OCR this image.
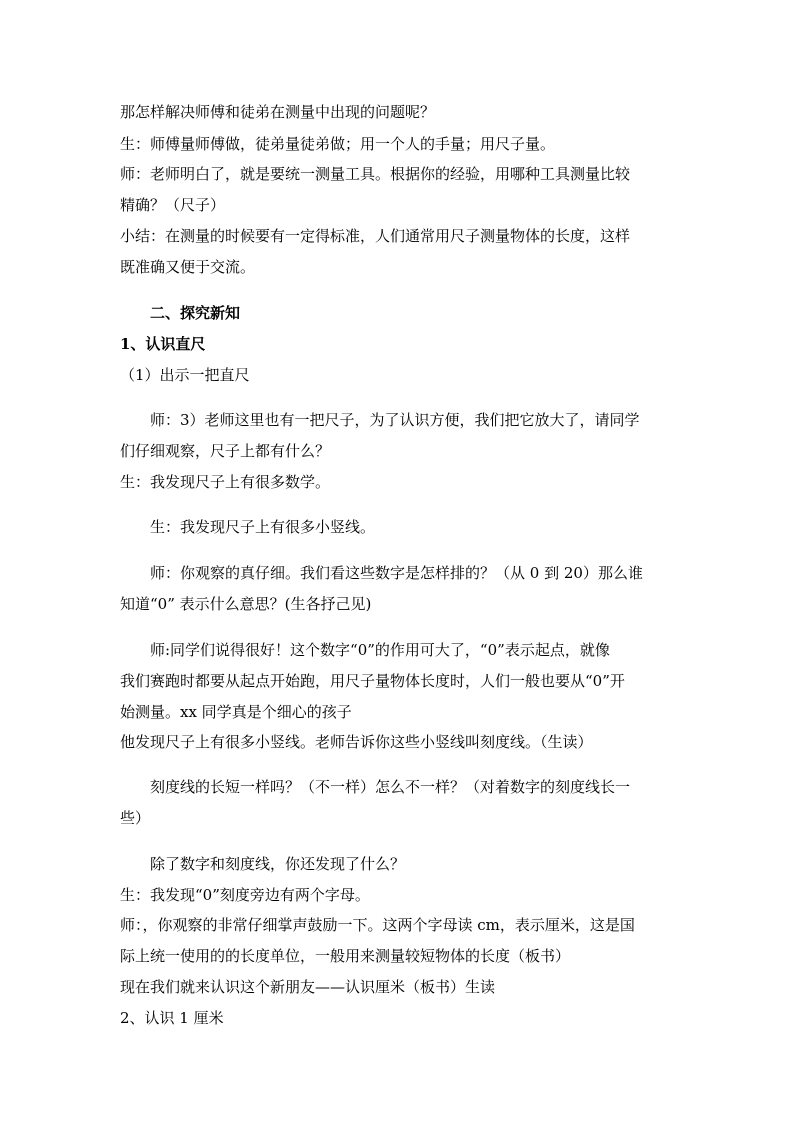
那怎样解决师傅和徒弟在测量中出现的问题呢？
生：师傅量师傅做，徒弟量徒弟做；用一个人的手量；用尺子量。
师：老师明白了，就是要统一测量工具。根据你的经验，用哪种工具测量比较
精确？（尺子）
小结：在测量的时候要有一定得标准，人们通常用尺子测量物体的长度，这样
既准确又便于交流。
二、探究新知
1、认识直尺
（1）出示一把直尺
师：3）老师这里也有一把尺子，为了认识方便，我们把它放大了，请同学
们仔细观察，尺子上都有什么？
生：我发现尺子上有很多数学。
生：我发现尺子上有很多小竖线。
师：你观察的真仔细。我们看这些数字是怎样排的？（从 0 到 20）那么谁
知道“0” 表示什么意思？(生各抒己见)
师:同学们说得很好！这个数字“0”的作用可大了，“0”表示起点，就像
我们赛跑时都要从起点开始跑，用尺子量物体长度时，人们一般也要从“0”开
始测量。xx 同学真是个细心的孩子
他发现尺子上有很多小竖线。老师告诉你这些小竖线叫刻度线。（生读）
刻度线的长短一样吗？（不一样）怎么不一样？（对着数字的刻度线长一
些）
除了数字和刻度线，你还发现了什么？
生：我发现“0”刻度旁边有两个字母。
师：，你观察的非常仔细掌声鼓励一下。这两个字母读 cm，表示厘米，这是国
际上统一使用的的长度单位，一般用来测量较短物体的长度（板书）
现在我们就来认识这个新朋友——认识厘米（板书）生读
2、认识 1 厘米
